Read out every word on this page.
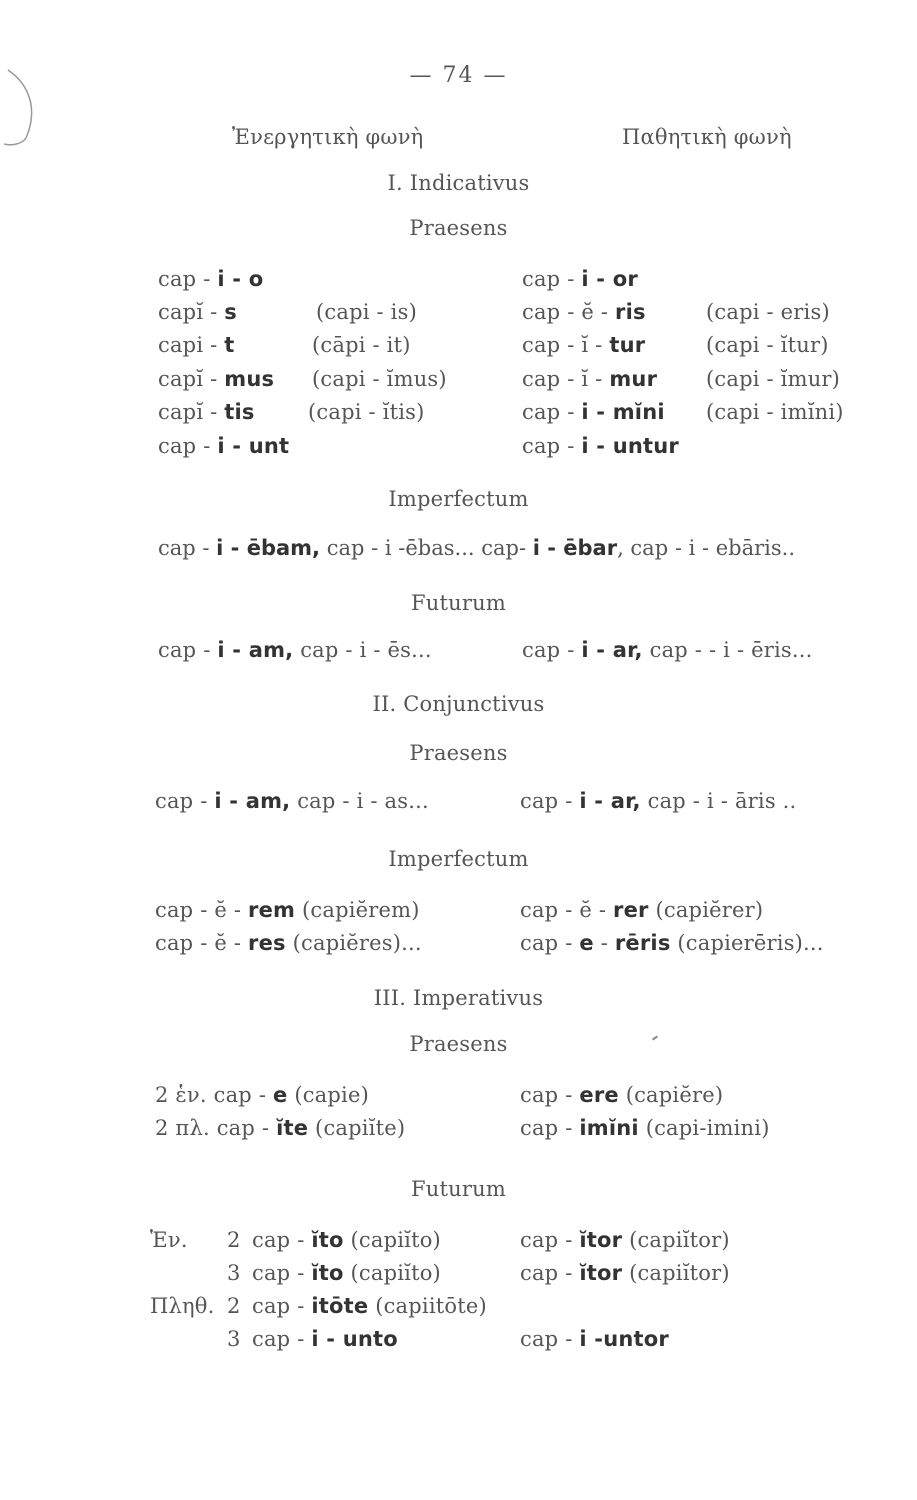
— 74 —
Ἐνεργητικὴ φωνὴ	Παθητικὴ φωνὴ
I. Indicativus
Praesens
cap - i - o	cap - i - or
capĭ - s	(capi - is)	cap - ĕ - ris	(capi - eris)
capi - t	(cāpi - it)	cap - ĭ - tur	(capi - ĭtur)
capĭ - mus (capi - ĭmus)	cap - ĭ - mur (capi - ĭmur)
capĭ - tis	(capi - ĭtis)	cap - i - mĭni (capi - imĭni)
cap - i - unt	cap - i - untur
Imperfectum
cap - i - ēbam, cap - i -ēbas... cap- i - ēbar, cap - i - ebāris..
Futurum
cap - i - am, cap - i - ēs...	cap - i - ar, cap - - i - ēris...
II. Conjunctivus
Praesens
cap - i - am, cap - i - as...	cap - i - ar, cap - i - āris ..
Imperfectum
cap - ĕ - rem (capiĕrem)	cap - ĕ - rer (capiĕrer)
cap - ĕ - res (capiĕres)...	cap - e - rēris (capierēris)...
III. Imperativus
Praesens
2 ἑν. cap - e (capie)	cap - ere (capiĕre)
2 πλ. cap - ĭte (capiĭte)	cap - imĭni (capi-imini)
Futurum
Ἑν. 2 cap - ĭto (capiĭto)	cap - ĭtor (capiĭtor)
3 cap - ĭto (capiĭto)	cap - ĭtor (capiĭtor)
Πληθ. 2 cap - itōte (capiitōte)
3 cap - i - unto	cap - i -untor
